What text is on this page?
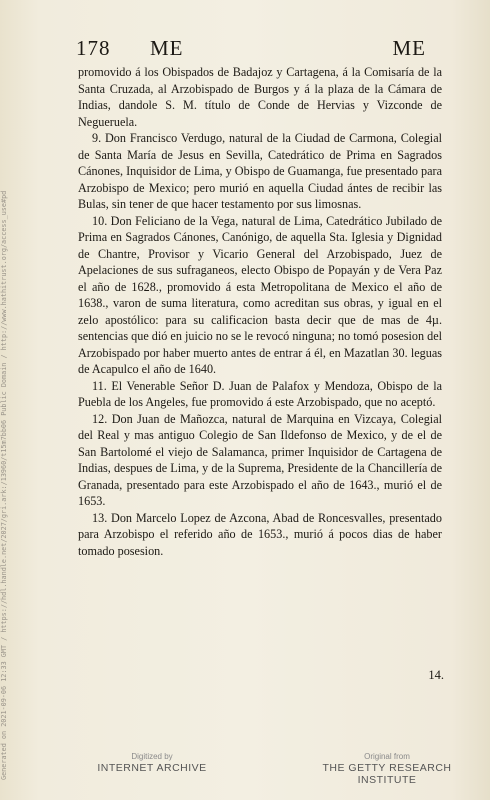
178 ME	ME

promovido á los Obispados de Badajoz y Cartagena, á la Comisaría de la Santa Cruzada, al Arzobispado de Burgos y á la plaza de la Cámara de Indias, dandole S. M. título de Conde de Hervias y Vizconde de Negueruela.

9. Don Francisco Verdugo, natural de la Ciudad de Carmona, Colegial de Santa María de Jesus en Sevilla, Catedrático de Prima en Sagrados Cánones, Inquisidor de Lima, y Obispo de Guamanga, fue presentado para Arzobispo de Mexico; pero murió en aquella Ciudad ántes de recibir las Bulas, sin tener de que hacer testamento por sus limosnas.

10. Don Feliciano de la Vega, natural de Lima, Catedrático Jubilado de Prima en Sagrados Cánones, Canónigo, de aquella Sta. Iglesia y Dignidad de Chantre, Provisor y Vicario General del Arzobispado, Juez de Apelaciones de sus sufraganeos, electo Obispo de Popayán y de Vera Paz el año de 1628., promovido á esta Metropolitana de Mexico el año de 1638., varon de suma literatura, como acreditan sus obras, y igual en el zelo apostólico: para su calificacion basta decir que de mas de 4µ. sentencias que dió en juicio no se le revocó ninguna; no tomó posesion del Arzobispado por haber muerto antes de entrar á él, en Mazatlan 30. leguas de Acapulco el año de 1640.

11. El Venerable Señor D. Juan de Palafox y Mendoza, Obispo de la Puebla de los Angeles, fue promovido á este Arzobispado, que no aceptó.

12. Don Juan de Mañozca, natural de Marquina en Vizcaya, Colegial del Real y mas antiguo Colegio de San Ildefonso de Mexico, y de el de San Bartolomé el viejo de Salamanca, primer Inquisidor de Cartagena de Indias, despues de Lima, y de la Suprema, Presidente de la Chancillería de Granada, presentado para este Arzobispado el año de 1643., murió el de 1653.

13. Don Marcelo Lopez de Azcona, Abad de Roncesvalles, presentado para Arzobispo el referido año de 1653., murió á pocos dias de haber tomado posesion.

14.
Generated on 2021-09-06 12:33 GMT / https://hdl.handle.net/2027/gri.ark:/13960/t15m7bb06 Public Domain / http://www.hathitrust.org/access_use#pd	Digitized by
INTERNET ARCHIVE
Original from
THE GETTY RESEARCH INSTITUTE
